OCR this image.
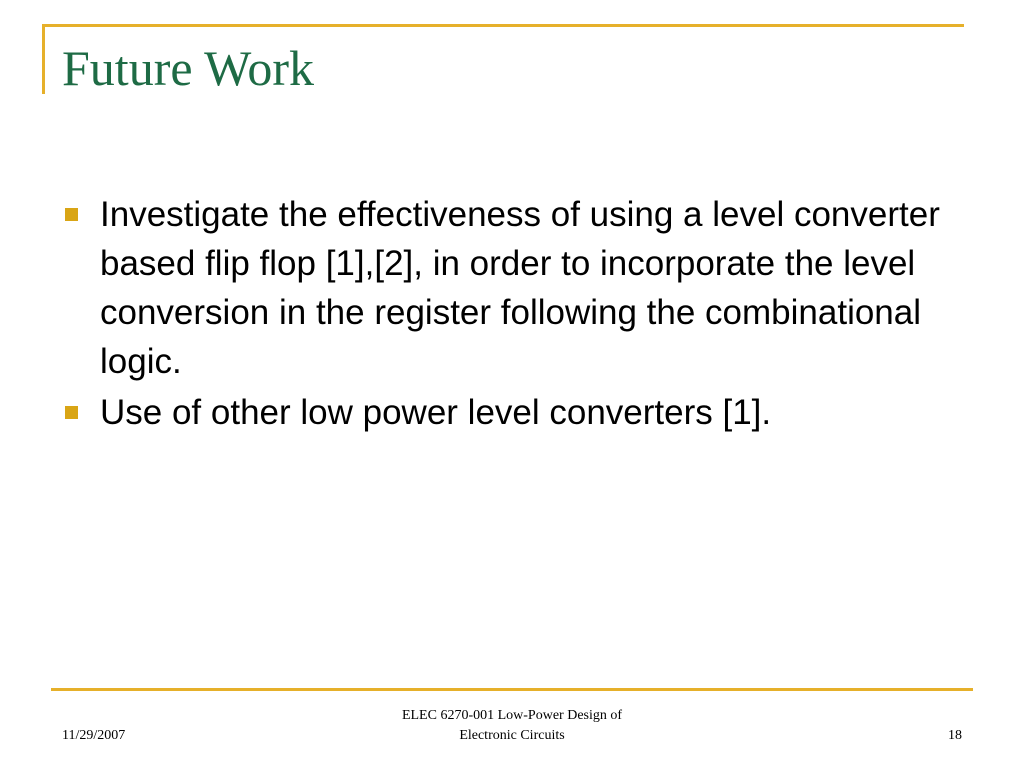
Future Work
Investigate the effectiveness of using a level converter based flip flop [1],[2], in order to incorporate the level conversion in the register following the combinational logic.
Use of other low power level converters [1].
11/29/2007
ELEC 6270-001 Low-Power Design of
Electronic Circuits	18
